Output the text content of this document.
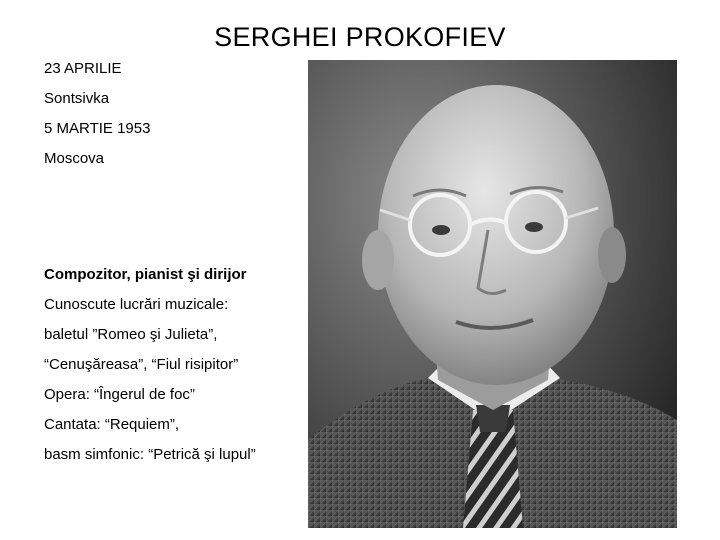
SERGHEI PROKOFIEV
23 APRILIE
Sontsivka
5 MARTIE 1953
Moscova
Compozitor, pianist şi dirijor
Cunoscute lucrări muzicale:
baletul ”Romeo şi Julieta”,
“Cenuşăreasa”, “Fiul risipitor”
Opera: “Îngerul de foc”
Cantata: “Requiem”,
basm simfonic: “Petrică şi lupul”
